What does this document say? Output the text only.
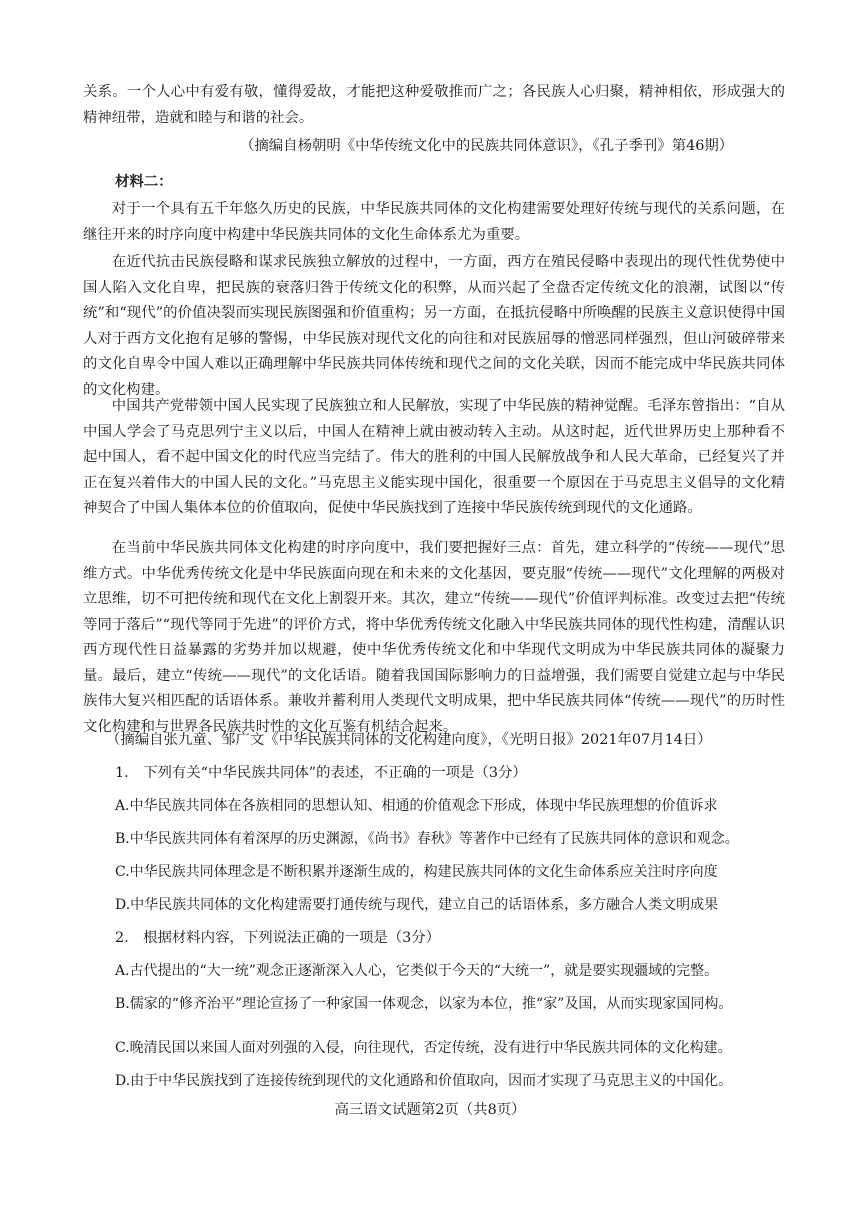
关系。一个人心中有爱有敬，懂得爱故，才能把这种爱敬推而广之；各民族人心归聚，精神相依，形成强大的精神纽带，造就和睦与和谐的社会。

（摘编自杨朝明《中华传统文化中的民族共同体意识》，《孔子季刊》第46期）

材料二：

对于一个具有五千年悠久历史的民族，中华民族共同体的文化构建需要处理好传统与现代的关系问题，在继往开来的时序向度中构建中华民族共同体的文化生命体系尤为重要。

在近代抗击民族侵略和谋求民族独立解放的过程中，一方面，西方在殖民侵略中表现出的现代性优势使中国人陷入文化自卑，把民族的衰落归咎于传统文化的积弊，从而兴起了全盘否定传统文化的浪潮，试图以“传统”和“现代”的价值决裂而实现民族图强和价值重构；另一方面，在抵抗侵略中所唤醒的民族主义意识使得中国人对于西方文化抱有足够的警惕，中华民族对现代文化的向往和对民族屈辱的憎恶同样强烈，但山河破碎带来的文化自卑令中国人难以正确理解中华民族共同体传统和现代之间的文化关联，因而不能完成中华民族共同体的文化构建。

中国共产党带领中国人民实现了民族独立和人民解放，实现了中华民族的精神觉醒。毛泽东曾指出：“自从中国人学会了马克思列宁主义以后，中国人在精神上就由被动转入主动。从这时起，近代世界历史上那种看不起中国人，看不起中国文化的时代应当完结了。伟大的胜利的中国人民解放战争和人民大革命，已经复兴了并正在复兴着伟大的中国人民的文化。”马克思主义能实现中国化，很重要一个原因在于马克思主义倡导的文化精神契合了中国人集体本位的价值取向，促使中华民族找到了连接中华民族传统到现代的文化通路。

在当前中华民族共同体文化构建的时序向度中，我们要把握好三点：首先，建立科学的“传统——现代”思维方式。中华优秀传统文化是中华民族面向现在和未来的文化基因，要克服“传统——现代”文化理解的两极对立思维，切不可把传统和现代在文化上割裂开来。其次，建立“传统——现代”价值评判标准。改变过去把“传统等同于落后”“现代等同于先进”的评价方式，将中华优秀传统文化融入中华民族共同体的现代性构建，清醒认识西方现代性日益暴露的劣势并加以规避，使中华优秀传统文化和中华现代文明成为中华民族共同体的凝聚力量。最后，建立“传统——现代”的文化话语。随着我国国际影响力的日益增强，我们需要自觉建立起与中华民族伟大复兴相匹配的话语体系。兼收并蓄利用人类现代文明成果，把中华民族共同体“传统——现代”的历时性文化构建和与世界各民族共时性的文化互鉴有机结合起来。

（摘编自张九童、邹广文《中华民族共同体的文化构建向度》，《光明日报》2021年07月14日）

1.　下列有关“中华民族共同体”的表述，不正确的一项是（3分）

A.中华民族共同体在各族相同的思想认知、相通的价值观念下形成，体现中华民族理想的价值诉求

B.中华民族共同体有着深厚的历史渊源，《尚书》春秋》等著作中已经有了民族共同体的意识和观念。

C.中华民族共同体理念是不断积累并逐渐生成的，构建民族共同体的文化生命体系应关注时序向度

D.中华民族共同体的文化构建需要打通传统与现代，建立自己的话语体系，多方融合人类文明成果

2.　根据材料内容，下列说法正确的一项是（3分）

A.古代提出的“大一统”观念正逐渐深入人心，它类似于今天的“大统一”，就是要实现疆域的完整。

B.儒家的“修齐治平”理论宣扬了一种家国一体观念，以家为本位，推“家”及国，从而实现家国同构。

C.晚清民国以来国人面对列强的入侵，向往现代，否定传统，没有进行中华民族共同体的文化构建。

D.由于中华民族找到了连接传统到现代的文化通路和价值取向，因而才实现了马克思主义的中国化。

高三语文试题第2页（共8页）
